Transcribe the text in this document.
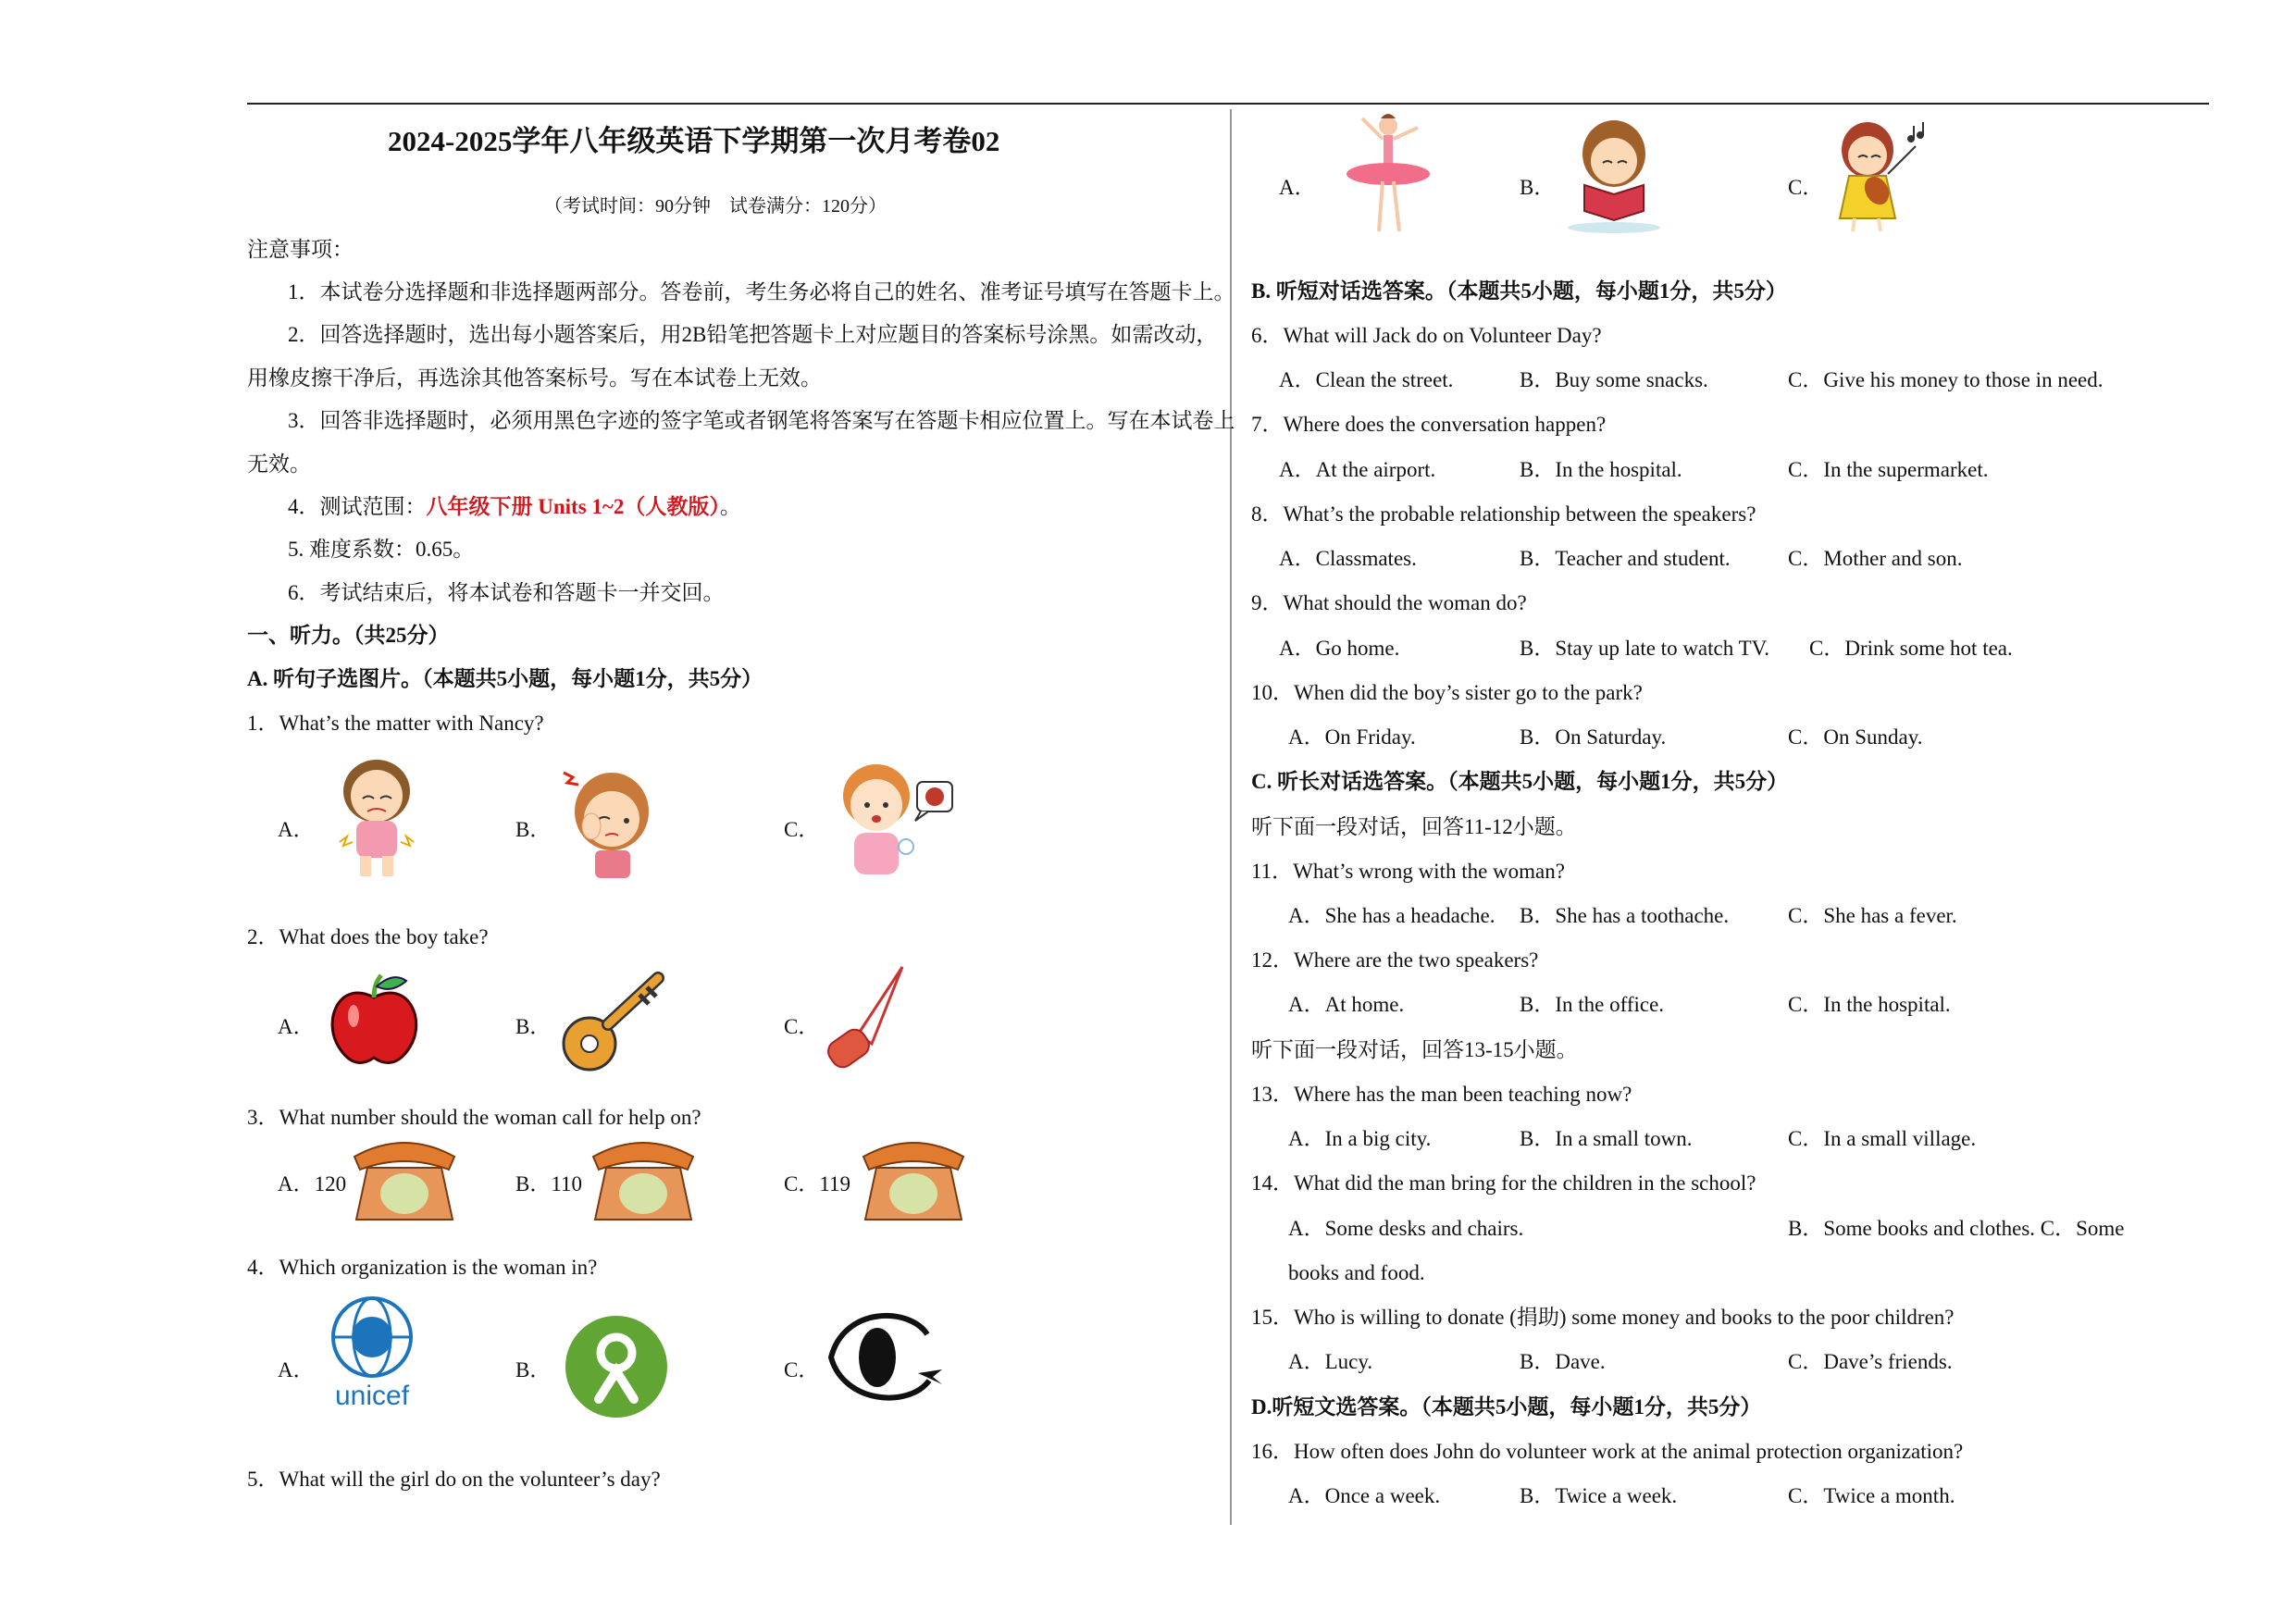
2024-2025学年八年级英语下学期第一次月考卷02
（考试时间：90分钟　试卷满分：120分）
注意事项：
1．本试卷分选择题和非选择题两部分。答卷前，考生务必将自己的姓名、准考证号填写在答题卡上。
2．回答选择题时，选出每小题答案后，用2B铅笔把答题卡上对应题目的答案标号涂黑。如需改动，
用橡皮擦干净后，再选涂其他答案标号。写在本试卷上无效。
3．回答非选择题时，必须用黑色字迹的签字笔或者钢笔将答案写在答题卡相应位置上。写在本试卷上
无效。
4．测试范围：八年级下册 Units 1~2（人教版）。
5. 难度系数：0.65。
6．考试结束后，将本试卷和答题卡一并交回。
一、听力。（共25分）
A. 听句子选图片。（本题共5小题，每小题1分，共5分）
1．What’s the matter with Nancy?
A．	B．	C．
2．What does the boy take?
A．	B．	C．
3．What number should the woman call for help on?
A．120	B．110	C．119
4．Which organization is the woman in?
A．
unicef
B．	C．
5．What will the girl do on the volunteer’s day?
A．	B．	C．
B. 听短对话选答案。（本题共5小题，每小题1分，共5分）
6．What will Jack do on Volunteer Day?
A．Clean the street.	B．Buy some snacks.	C．Give his money to those in need.
7．Where does the conversation happen?
A．At the airport.	B．In the hospital.	C．In the supermarket.
8．What’s the probable relationship between the speakers?
A．Classmates.	B．Teacher and student.	C．Mother and son.
9．What should the woman do?
A．Go home.	B．Stay up late to watch TV. C．Drink some hot tea.
10．When did the boy’s sister go to the park?
A．On Friday.	B．On Saturday.	C．On Sunday.
C. 听长对话选答案。（本题共5小题，每小题1分，共5分）
听下面一段对话，回答11-12小题。
11．What’s wrong with the woman?
A．She has a headache. B．She has a toothache.	C．She has a fever.
12．Where are the two speakers?
A．At home.	B．In the office.	C．In the hospital.
听下面一段对话，回答13-15小题。
13．Where has the man been teaching now?
A．In a big city.	B．In a small town.	C．In a small village.
14．What did the man bring for the children in the school?
A．Some desks and chairs.	B．Some books and clothes. C．Some
books and food.
15．Who is willing to donate (捐助) some money and books to the poor children?
A．Lucy.	B．Dave.	C．Dave’s friends.
D.听短文选答案。（本题共5小题，每小题1分，共5分）
16．How often does John do volunteer work at the animal protection organization?
A．Once a week.	B．Twice a week.	C．Twice a month.
